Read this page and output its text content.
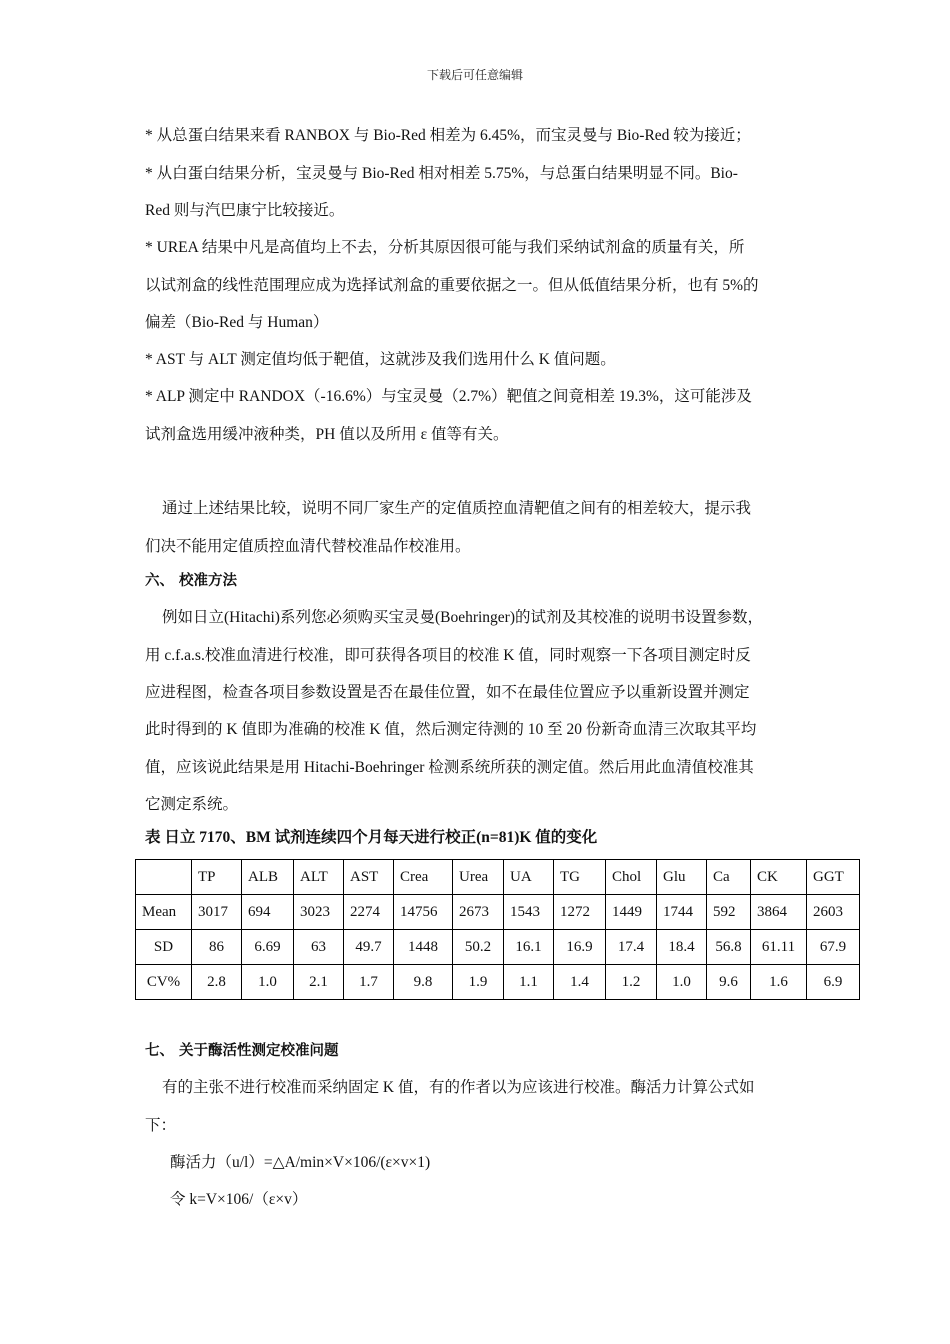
下载后可任意编辑
* 从总蛋白结果来看 RANBOX 与 Bio-Red 相差为 6.45%，而宝灵曼与 Bio-Red 较为接近；
* 从白蛋白结果分析，宝灵曼与 Bio-Red 相对相差 5.75%，与总蛋白结果明显不同。Bio-
Red 则与汽巴康宁比较接近。
* UREA 结果中凡是高值均上不去，分析其原因很可能与我们采纳试剂盒的质量有关，所
以试剂盒的线性范围理应成为选择试剂盒的重要依据之一。但从低值结果分析，也有 5%的
偏差（Bio-Red 与 Human）
* AST 与 ALT 测定值均低于靶值，这就涉及我们选用什么 K 值问题。
* ALP 测定中 RANDOX（-16.6%）与宝灵曼（2.7%）靶值之间竟相差 19.3%，这可能涉及
试剂盒选用缓冲液种类，PH 值以及所用 ε 值等有关。
通过上述结果比较，说明不同厂家生产的定值质控血清靶值之间有的相差较大，提示我
们决不能用定值质控血清代替校准品作校准用。
六、 校准方法
例如日立(Hitachi)系列您必须购买宝灵曼(Boehringer)的试剂及其校准的说明书设置参数，
用 c.f.a.s.校准血清进行校准，即可获得各项目的校准 K 值，同时观察一下各项目测定时反
应进程图，检查各项目参数设置是否在最佳位置，如不在最佳位置应予以重新设置并测定
此时得到的 K 值即为准确的校准 K 值，然后测定待测的 10 至 20 份新奇血清三次取其平均
值，应该说此结果是用 Hitachi-Boehringer 检测系统所获的测定值。然后用此血清值校准其
它测定系统。
表 日立 7170、BM 试剂连续四个月每天进行校正(n=81)K 值的变化
	TP	ALB	ALT	AST	Crea	Urea	UA	TG	Chol	Glu	Ca	CK	GGT
Mean	3017	694	3023	2274	14756	2673	1543	1272	1449	1744	592	3864	2603
SD	86	6.69	63	49.7	1448	50.2	16.1	16.9	17.4	18.4	56.8	61.11	67.9
CV%	2.8	1.0	2.1	1.7	9.8	1.9	1.1	1.4	1.2	1.0	9.6	1.6	6.9
七、 关于酶活性测定校准问题
有的主张不进行校准而采纳固定 K 值，有的作者以为应该进行校准。酶活力计算公式如
下：
酶活力（u/l）=△A/min×V×106/(ε×v×1)
令 k=V×106/（ε×v）
